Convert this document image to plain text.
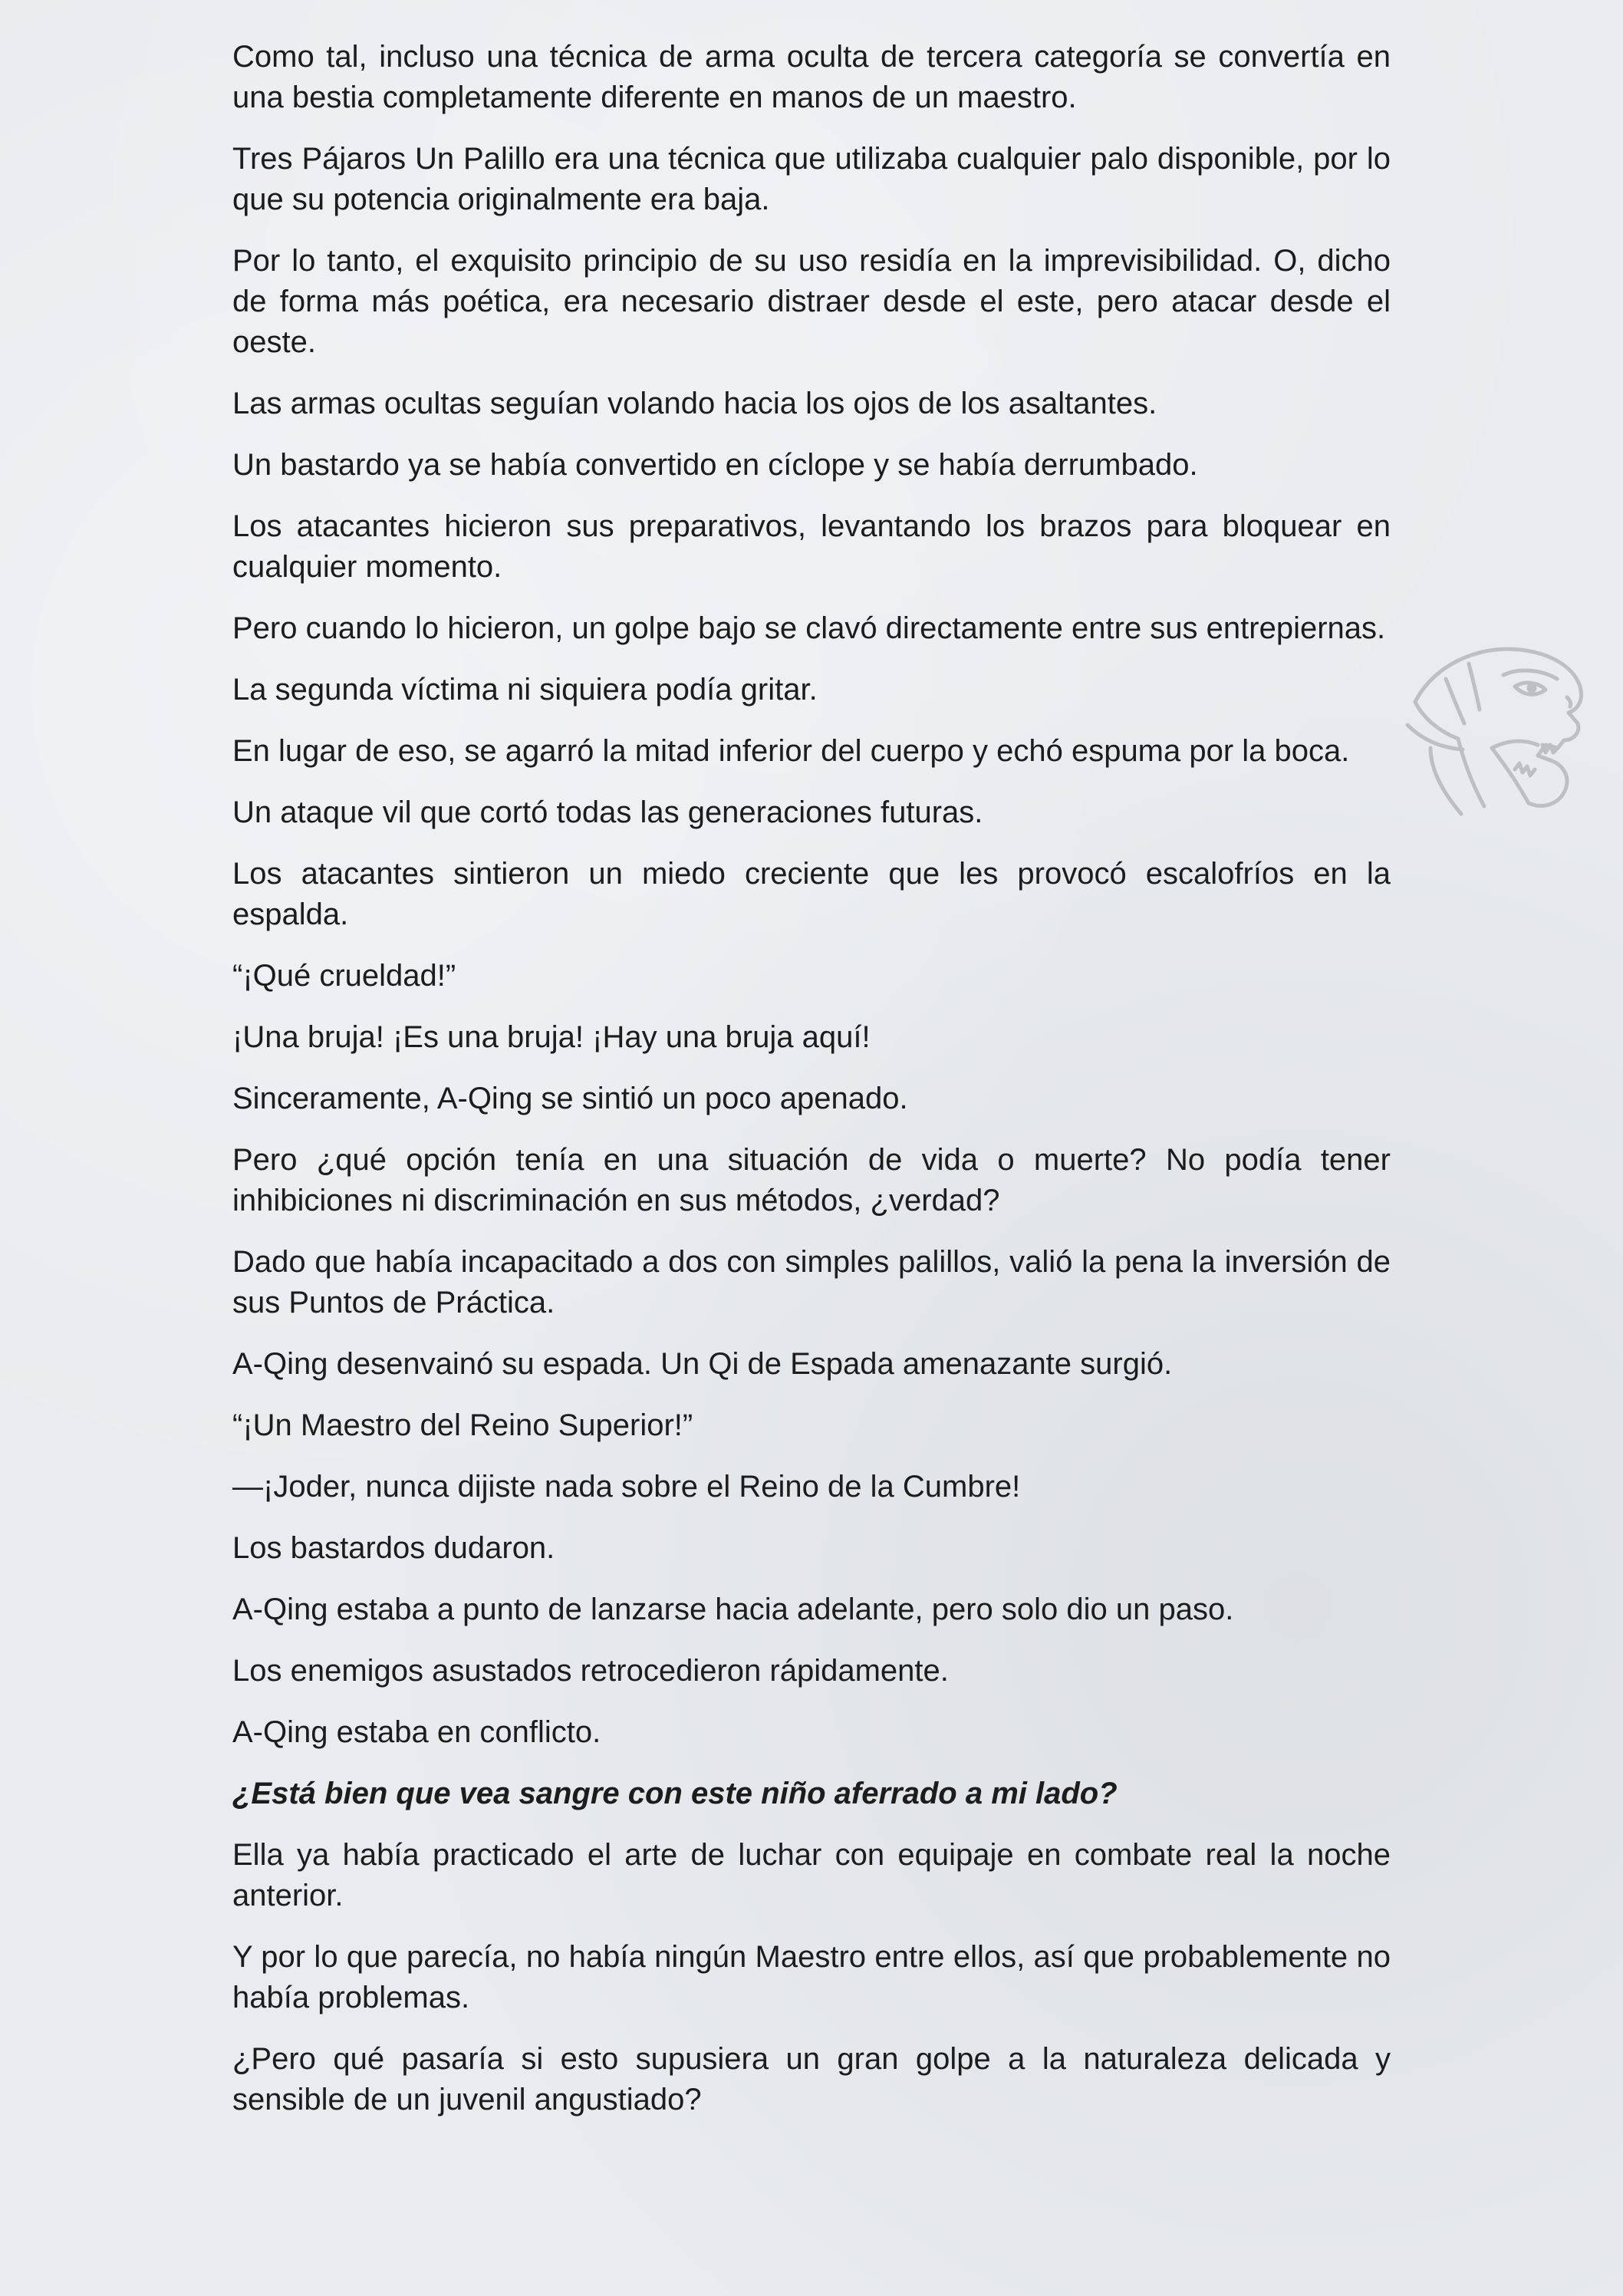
Como tal, incluso una técnica de arma oculta de tercera categoría se convertía en una bestia completamente diferente en manos de un maestro.

Tres Pájaros Un Palillo era una técnica que utilizaba cualquier palo disponible, por lo que su potencia originalmente era baja.

Por lo tanto, el exquisito principio de su uso residía en la imprevisibilidad. O, dicho de forma más poética, era necesario distraer desde el este, pero atacar desde el oeste.

Las armas ocultas seguían volando hacia los ojos de los asaltantes.

Un bastardo ya se había convertido en cíclope y se había derrumbado.

Los atacantes hicieron sus preparativos, levantando los brazos para bloquear en cualquier momento.

Pero cuando lo hicieron, un golpe bajo se clavó directamente entre sus entrepiernas.

La segunda víctima ni siquiera podía gritar.

En lugar de eso, se agarró la mitad inferior del cuerpo y echó espuma por la boca.

Un ataque vil que cortó todas las generaciones futuras.

Los atacantes sintieron un miedo creciente que les provocó escalofríos en la espalda.

“¡Qué crueldad!”

¡Una bruja! ¡Es una bruja! ¡Hay una bruja aquí!

Sinceramente, A-Qing se sintió un poco apenado.

Pero ¿qué opción tenía en una situación de vida o muerte? No podía tener inhibiciones ni discriminación en sus métodos, ¿verdad?

Dado que había incapacitado a dos con simples palillos, valió la pena la inversión de sus Puntos de Práctica.

A-Qing desenvainó su espada. Un Qi de Espada amenazante surgió.

“¡Un Maestro del Reino Superior!”

—¡Joder, nunca dijiste nada sobre el Reino de la Cumbre!

Los bastardos dudaron.

A-Qing estaba a punto de lanzarse hacia adelante, pero solo dio un paso.

Los enemigos asustados retrocedieron rápidamente.

A-Qing estaba en conflicto.

¿Está bien que vea sangre con este niño aferrado a mi lado?

Ella ya había practicado el arte de luchar con equipaje en combate real la noche anterior.

Y por lo que parecía, no había ningún Maestro entre ellos, así que probablemente no había problemas.

¿Pero qué pasaría si esto supusiera un gran golpe a la naturaleza delicada y sensible de un juvenil angustiado?
